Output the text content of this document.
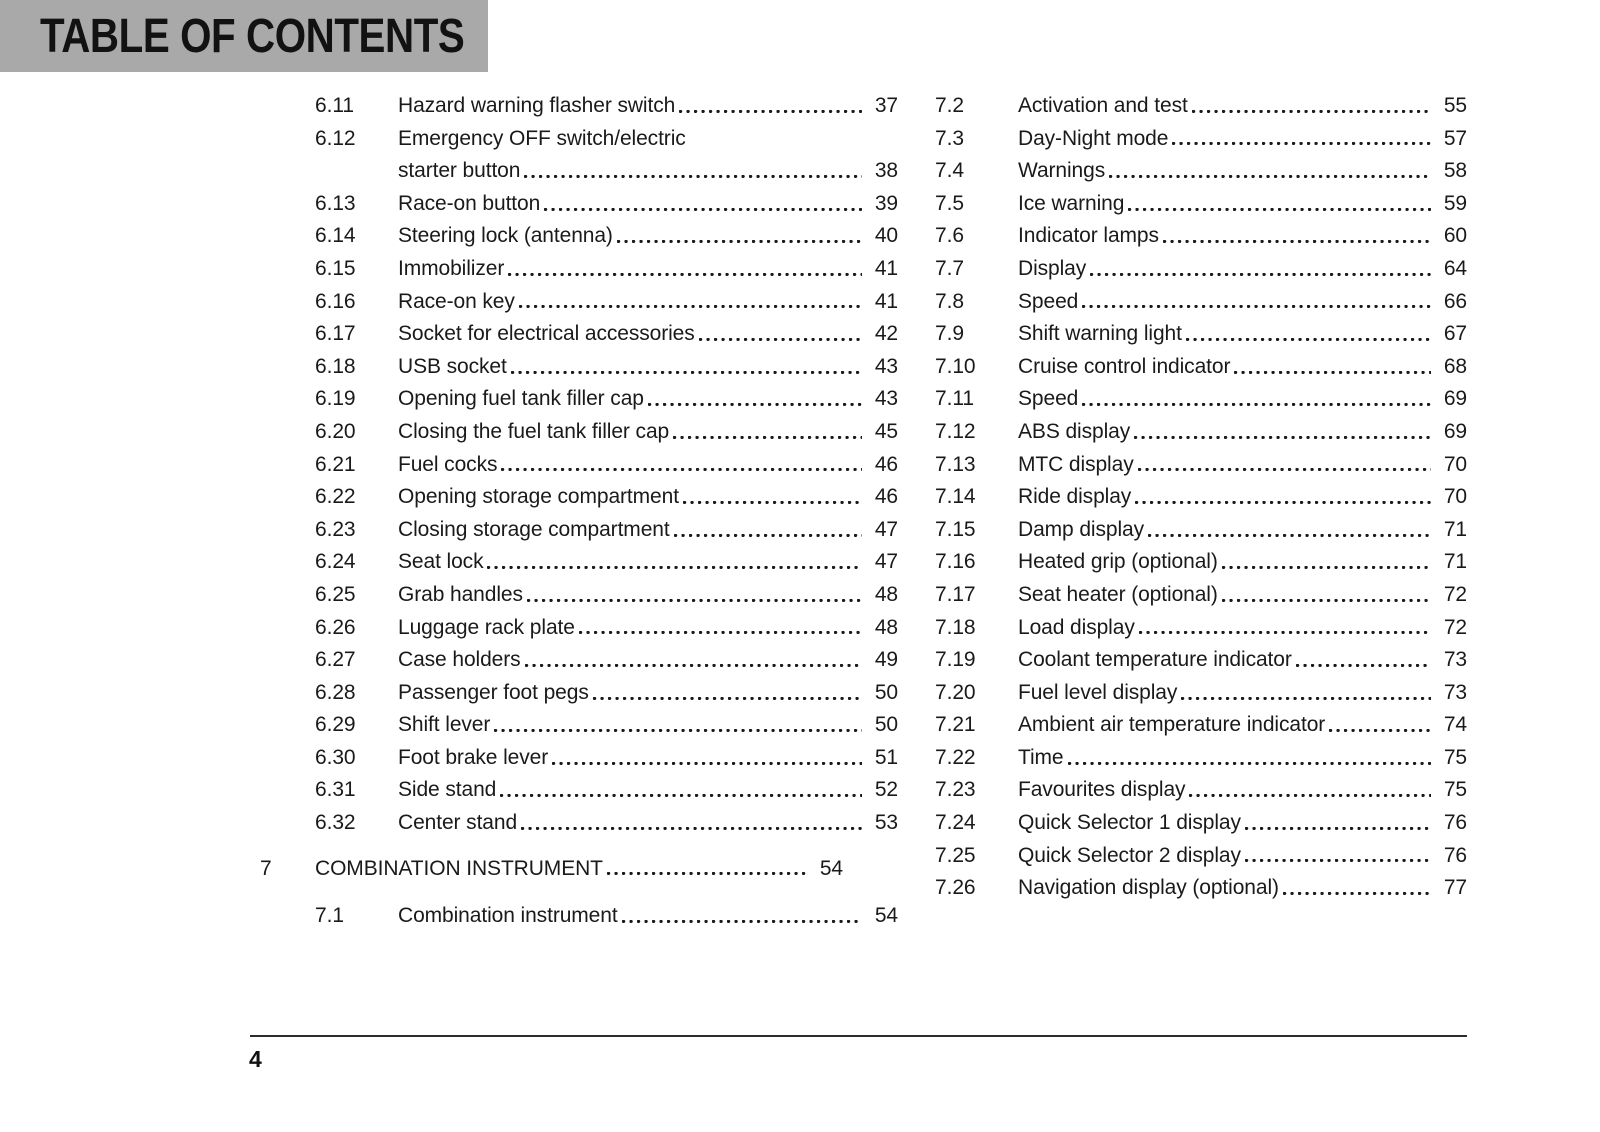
TABLE OF CONTENTS
6.11	Hazard warning flasher switch	37
6.12	Emergency OFF switch/electric
starter button	38
6.13	Race-on button	39
6.14	Steering lock (antenna)	40
6.15	Immobilizer	41
6.16	Race-on key	41
6.17	Socket for electrical accessories	42
6.18	USB socket	43
6.19	Opening fuel tank filler cap	43
6.20	Closing the fuel tank filler cap	45
6.21	Fuel cocks	46
6.22	Opening storage compartment	46
6.23	Closing storage compartment	47
6.24	Seat lock	47
6.25	Grab handles	48
6.26	Luggage rack plate	48
6.27	Case holders	49
6.28	Passenger foot pegs	50
6.29	Shift lever	50
6.30	Foot brake lever	51
6.31	Side stand	52
6.32	Center stand	53
7	COMBINATION INSTRUMENT	54
7.1	Combination instrument	54
7.2	Activation and test	55
7.3	Day-Night mode	57
7.4	Warnings	58
7.5	Ice warning	59
7.6	Indicator lamps	60
7.7	Display	64
7.8	Speed	66
7.9	Shift warning light	67
7.10	Cruise control indicator	68
7.11	Speed	69
7.12	ABS display	69
7.13	MTC display	70
7.14	Ride display	70
7.15	Damp display	71
7.16	Heated grip (optional)	71
7.17	Seat heater (optional)	72
7.18	Load display	72
7.19	Coolant temperature indicator	73
7.20	Fuel level display	73
7.21	Ambient air temperature indicator	74
7.22	Time	75
7.23	Favourites display	75
7.24	Quick Selector 1 display	76
7.25	Quick Selector 2 display	76
7.26	Navigation display (optional)	77
4
